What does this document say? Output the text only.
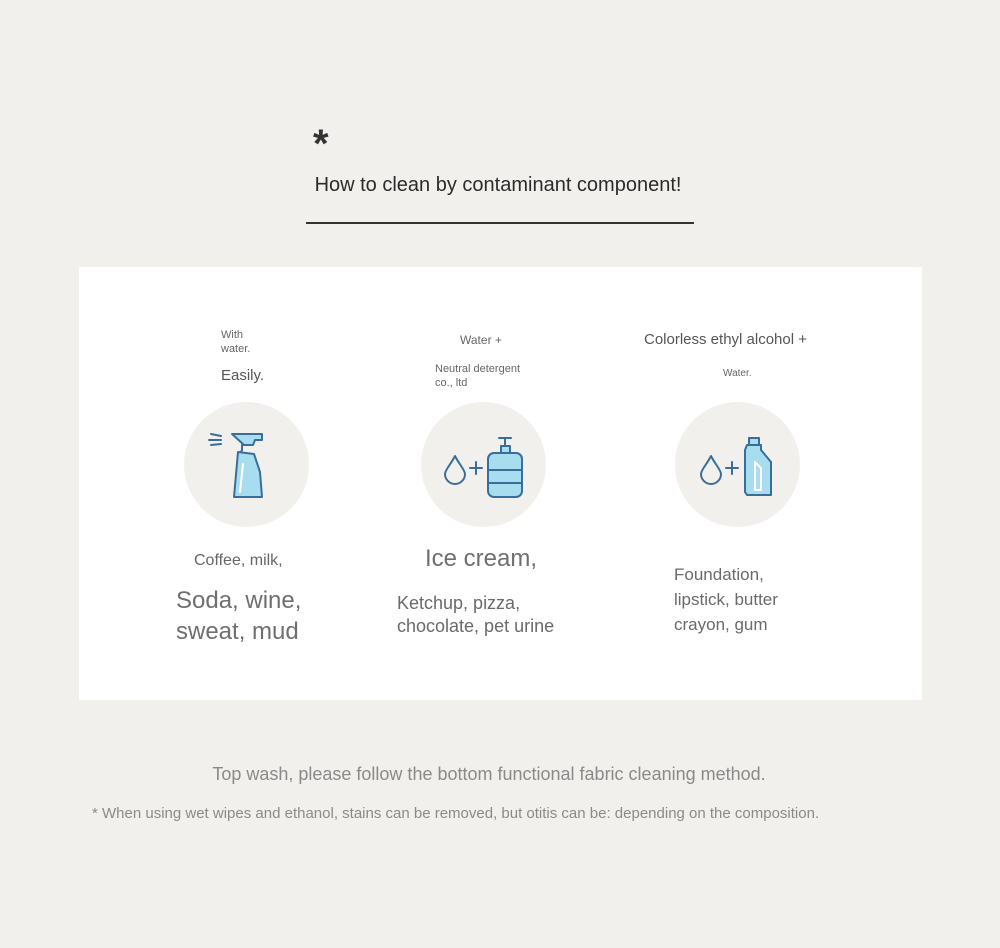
*
How to clean by contaminant component!
With
water.
Easily.
Coffee, milk,
Soda, wine,
sweat, mud
Water +
Neutral detergent
co., ltd
Ice cream,
Ketchup, pizza,
chocolate, pet urine
Colorless ethyl alcohol +
Water.
Foundation,
lipstick, butter
crayon, gum
Top wash, please follow the bottom functional fabric cleaning method.
* When using wet wipes and ethanol, stains can be removed, but otitis can be: depending on the composition.
